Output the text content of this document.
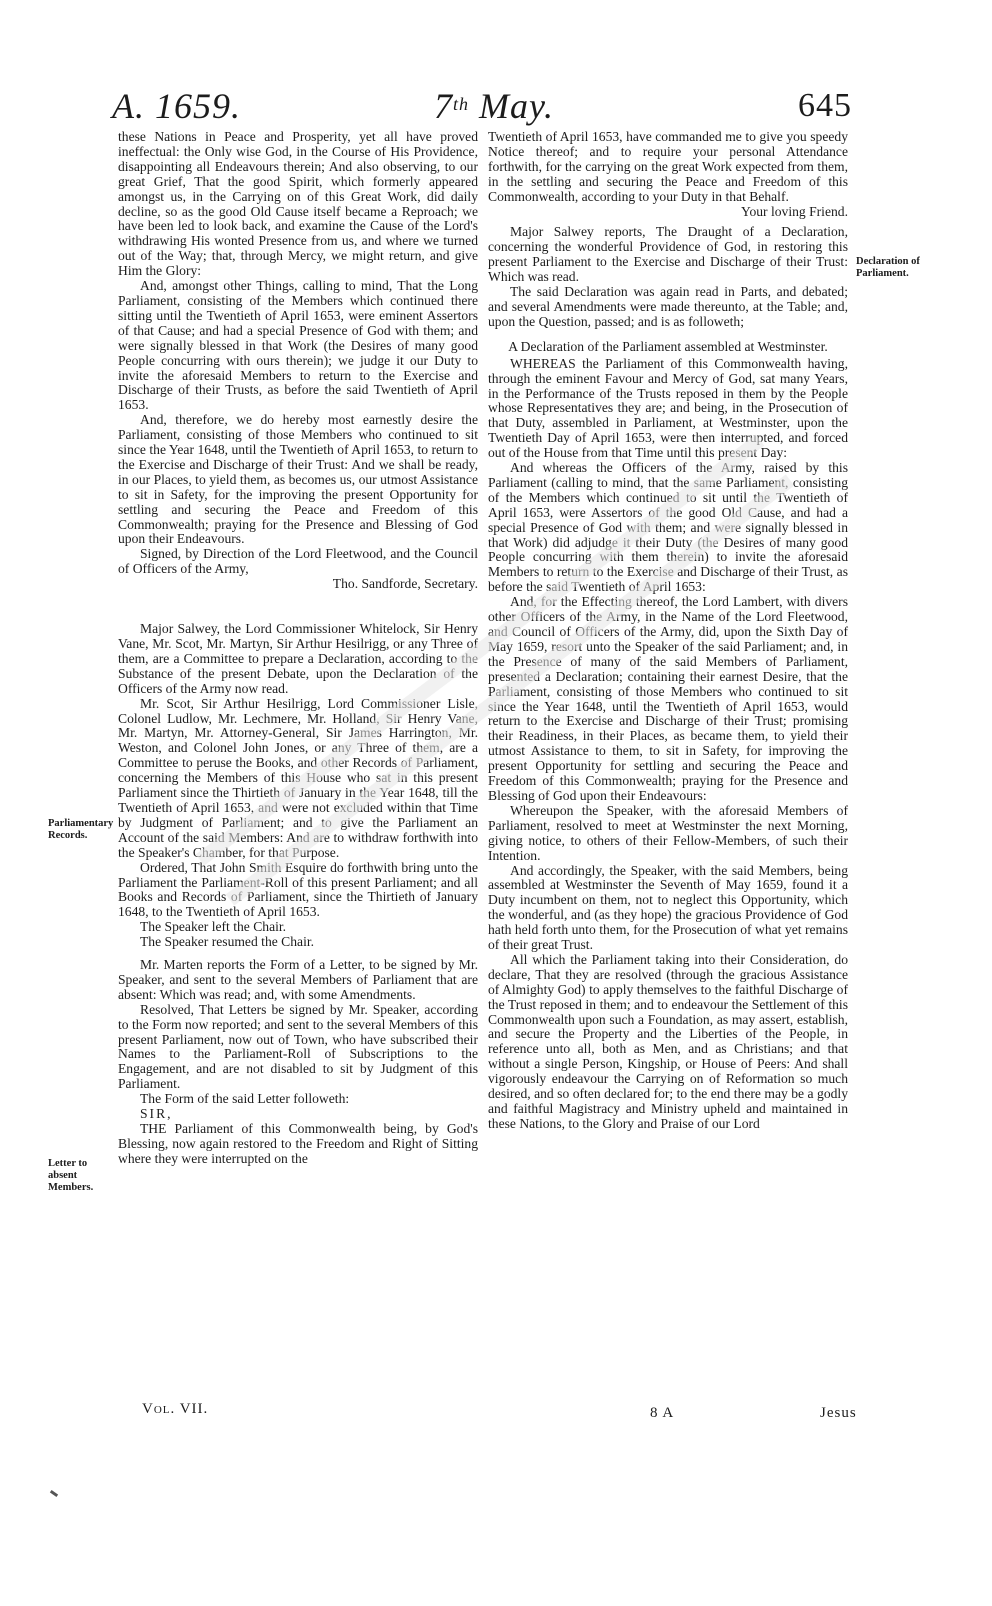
A. 1659.	7th May.	645

these Nations in Peace and Prosperity, yet all have proved ineffectual: the Only wise God, in the Course of His Providence, disappointing all Endeavours therein; And also observing, to our great Grief, That the good Spirit, which formerly appeared amongst us, in the Carrying on of this Great Work, did daily decline, so as the good Old Cause itself became a Reproach; we have been led to look back, and examine the Cause of the Lord's withdrawing His wonted Presence from us, and where we turned out of the Way; that, through Mercy, we might return, and give Him the Glory:

And, amongst other Things, calling to mind, That the Long Parliament, consisting of the Members which continued there sitting until the Twentieth of April 1653, were eminent Assertors of that Cause; and had a special Presence of God with them; and were signally blessed in that Work (the Desires of many good People concurring with ours therein); we judge it our Duty to invite the aforesaid Members to return to the Exercise and Discharge of their Trusts, as before the said Twentieth of April 1653.

And, therefore, we do hereby most earnestly desire the Parliament, consisting of those Members who continued to sit since the Year 1648, until the Twentieth of April 1653, to return to the Exercise and Discharge of their Trust: And we shall be ready, in our Places, to yield them, as becomes us, our utmost Assistance to sit in Safety, for the improving the present Opportunity for settling and securing the Peace and Freedom of this Commonwealth; praying for the Presence and Blessing of God upon their Endeavours.

Signed, by Direction of the Lord Fleetwood, and the Council of Officers of the Army,

Tho. Sandforde, Secretary.

Major Salwey, the Lord Commissioner Whitelock, Sir Henry Vane, Mr. Scot, Mr. Martyn, Sir Arthur Hesilrigg, or any Three of them, are a Committee to prepare a Declaration, according to the Substance of the present Debate, upon the Declaration of the Officers of the Army now read.

Mr. Scot, Sir Arthur Hesilrigg, Lord Commissioner Lisle, Colonel Ludlow, Mr. Lechmere, Mr. Holland, Sir Henry Vane, Mr. Martyn, Mr. Attorney-General, Sir James Harrington, Mr. Weston, and Colonel John Jones, or any Three of them, are a Committee to peruse the Books, and other Records of Parliament, concerning the Members of this House who sat in this present Parliament since the Thirtieth of January in the Year 1648, till the Twentieth of April 1653, and were not excluded within that Time by Judgment of Parliament; and to give the Parliament an Account of the said Members: And are to withdraw forthwith into the Speaker's Chamber, for that Purpose.

Ordered, That John Smith Esquire do forthwith bring unto the Parliament the Parliament-Roll of this present Parliament; and all Books and Records of Parliament, since the Thirtieth of January 1648, to the Twentieth of April 1653.

The Speaker left the Chair.

The Speaker resumed the Chair.

Mr. Marten reports the Form of a Letter, to be signed by Mr. Speaker, and sent to the several Members of Parliament that are absent: Which was read; and, with some Amendments.

Resolved, That Letters be signed by Mr. Speaker, according to the Form now reported; and sent to the several Members of this present Parliament, now out of Town, who have subscribed their Names to the Parliament-Roll of Subscriptions to the Engagement, and are not disabled to sit by Judgment of this Parliament.

The Form of the said Letter followeth:

SIR,

THE Parliament of this Commonwealth being, by God's Blessing, now again restored to the Freedom and Right of Sitting where they were interrupted on the

Twentieth of April 1653, have commanded me to give you speedy Notice thereof; and to require your personal Attendance forthwith, for the carrying on the great Work expected from them, in the settling and securing the Peace and Freedom of this Commonwealth, according to your Duty in that Behalf.

Your loving Friend.

Major Salwey reports, The Draught of a Declaration, concerning the wonderful Providence of God, in restoring this present Parliament to the Exercise and Discharge of their Trust: Which was read.

The said Declaration was again read in Parts, and debated; and several Amendments were made thereunto, at the Table; and, upon the Question, passed; and is as followeth;

A Declaration of the Parliament assembled at Westminster.

WHEREAS the Parliament of this Commonwealth having, through the eminent Favour and Mercy of God, sat many Years, in the Performance of the Trusts reposed in them by the People whose Representatives they are; and being, in the Prosecution of that Duty, assembled in Parliament, at Westminster, upon the Twentieth Day of April 1653, were then interrupted, and forced out of the House from that Time until this present Day:

And whereas the Officers of the Army, raised by this Parliament (calling to mind, that the same Parliament, consisting of the Members which continued to sit until the Twentieth of April 1653, were Assertors of the good Old Cause, and had a special Presence of God with them; and were signally blessed in that Work) did adjudge it their Duty (the Desires of many good People concurring with them therein) to invite the aforesaid Members to return to the Exercise and Discharge of their Trust, as before the said Twentieth of April 1653:

And, for the Effecting thereof, the Lord Lambert, with divers other Officers of the Army, in the Name of the Lord Fleetwood, and Council of Officers of the Army, did, upon the Sixth Day of May 1659, resort unto the Speaker of the said Parliament; and, in the Presence of many of the said Members of Parliament, presented a Declaration; containing their earnest Desire, that the Parliament, consisting of those Members who continued to sit since the Year 1648, until the Twentieth of April 1653, would return to the Exercise and Discharge of their Trust; promising their Readiness, in their Places, as became them, to yield their utmost Assistance to them, to sit in Safety, for improving the present Opportunity for settling and securing the Peace and Freedom of this Commonwealth; praying for the Presence and Blessing of God upon their Endeavours:

Whereupon the Speaker, with the aforesaid Members of Parliament, resolved to meet at Westminster the next Morning, giving notice, to others of their Fellow-Members, of such their Intention.

And accordingly, the Speaker, with the said Members, being assembled at Westminster the Seventh of May 1659, found it a Duty incumbent on them, not to neglect this Opportunity, which the wonderful, and (as they hope) the gracious Providence of God hath held forth unto them, for the Prosecution of what yet remains of their great Trust.

All which the Parliament taking into their Consideration, do declare, That they are resolved (through the gracious Assistance of Almighty God) to apply themselves to the faithful Discharge of the Trust reposed in them; and to endeavour the Settlement of this Commonwealth upon such a Foundation, as may assert, establish, and secure the Property and the Liberties of the People, in reference unto all, both as Men, and as Christians; and that without a single Person, Kingship, or House of Peers: And shall vigorously endeavour the Carrying on of Reformation so much desired, and so often declared for; to the end there may be a godly and faithful Magistracy and Ministry upheld and maintained in these Nations, to the Glory and Praise of our Lord

Parliamentary Records.
Letter to absent Members.
Declaration of Parliament.
Vol. VII.	8 A	Jesus
